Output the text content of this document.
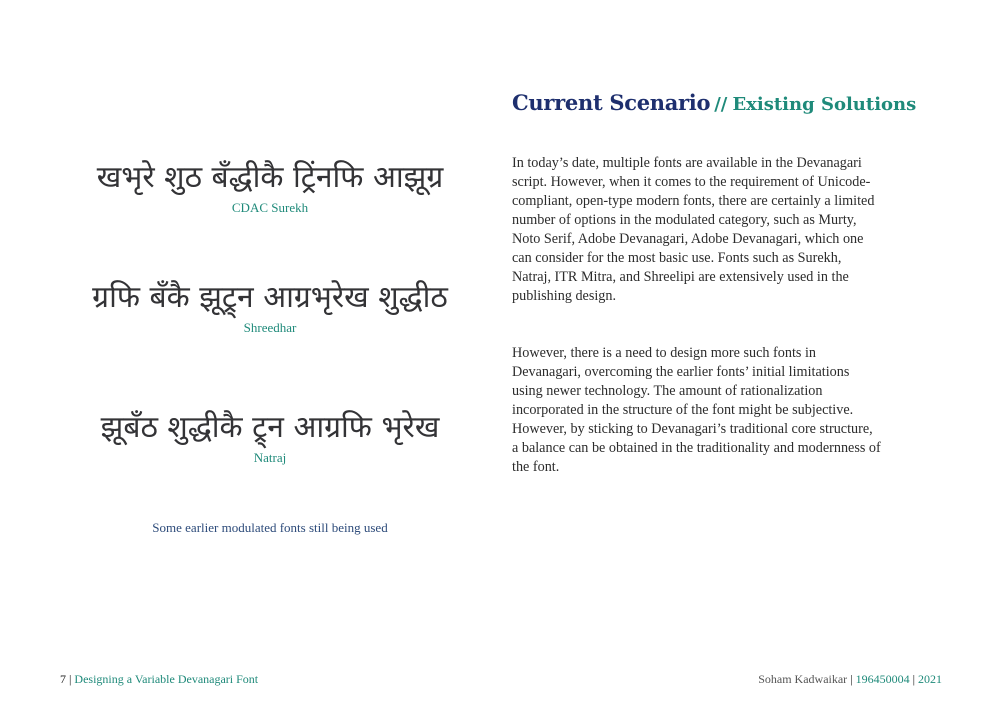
खभृरे शुठ बँद्धीकै ट्रिंनफि आझूग्र
CDAC Surekh
ग्रफि बँकै झूट्र्न आग्रभृरेख शुद्धीठ
Shreedhar
झूबँठ शुद्धीकै ट्र्न आग्रफि भृरेख
Natraj
Some earlier modulated fonts still being used
Current Scenario // Existing Solutions

In today’s date, multiple fonts are available in the Devanagari script. However, when it comes to the requirement of Unicode-compliant, open-type modern fonts, there are certainly a limited number of options in the modulated category, such as Murty, Noto Serif, Adobe Devanagari, Adobe Devanagari, which one can consider for the most basic use. Fonts such as Surekh, Natraj, ITR Mitra, and Shreelipi are extensively used in the publishing design.

However, there is a need to design more such fonts in Devanagari, overcoming the earlier fonts’ initial limitations using newer technology. The amount of rationalization incorporated in the structure of the font might be subjective. However, by sticking to Devanagari’s traditional core structure, a balance can be obtained in the traditionality and modernness of the font.

7 | Designing a Variable Devanagari Font	Soham Kadwaikar | 196450004 | 2021
